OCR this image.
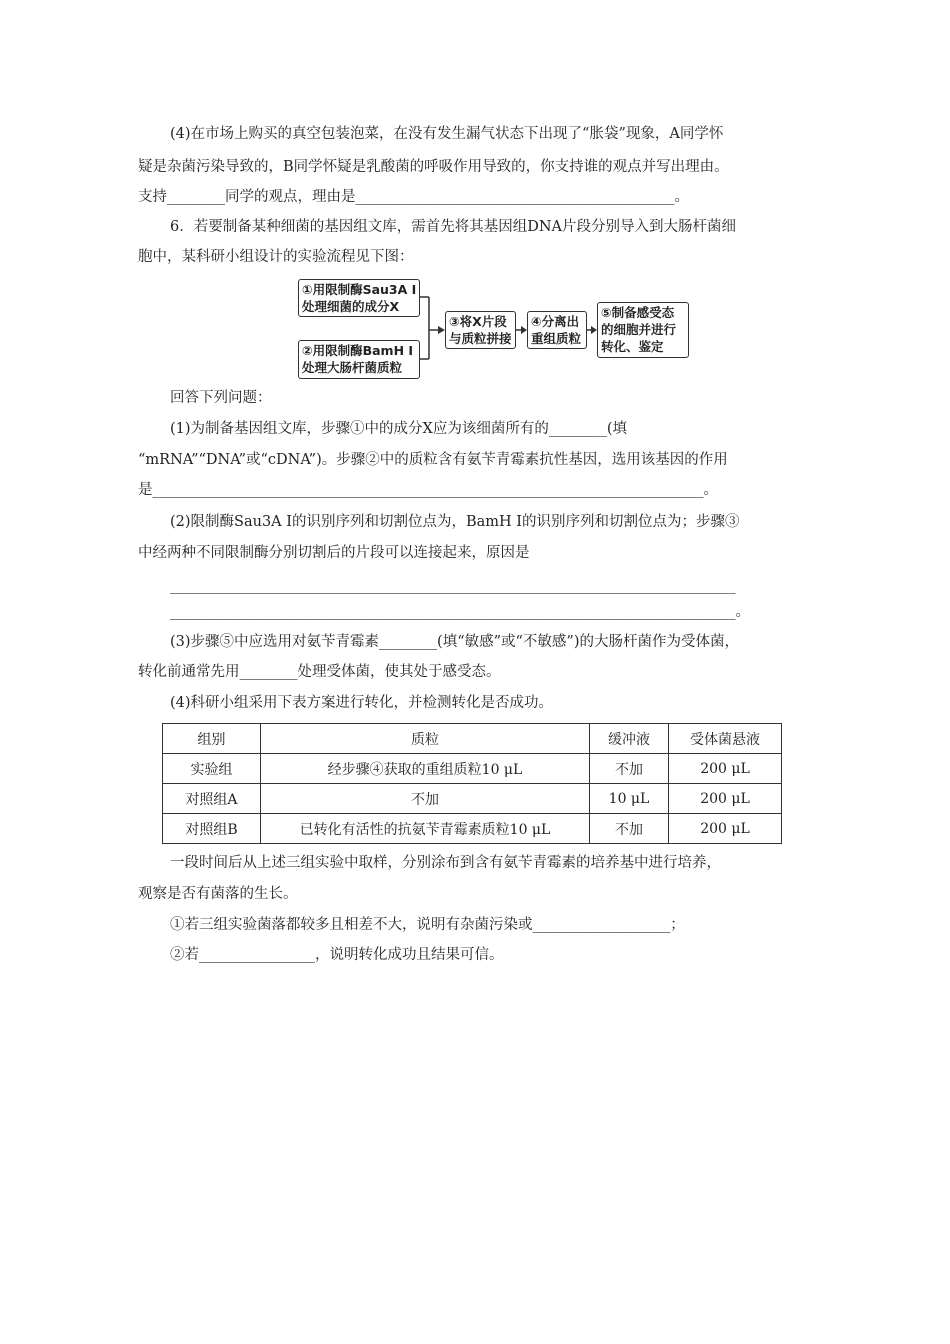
(4)在市场上购买的真空包装泡菜，在没有发生漏气状态下出现了“胀袋”现象，A同学怀
疑是杂菌污染导致的，B同学怀疑是乳酸菌的呼吸作用导致的，你支持谁的观点并写出理由。
支持________同学的观点，理由是____________________________________________。
6．若要制备某种细菌的基因组文库，需首先将其基因组DNA片段分别导入到大肠杆菌细
胞中，某科研小组设计的实验流程见下图：
①用限制酶Sau3A Ⅰ
处理细菌的成分X
②用限制酶BamH Ⅰ
处理大肠杆菌质粒
③将X片段
与质粒拼接
④分离出
重组质粒
⑤制备感受态
的细胞并进行
转化、鉴定
回答下列问题：
(1)为制备基因组文库，步骤①中的成分X应为该细菌所有的________(填
“mRNA”“DNA”或“cDNA”)。步骤②中的质粒含有氨苄青霉素抗性基因，选用该基因的作用
是____________________________________________________________________________。
(2)限制酶Sau3A Ⅰ的识别序列和切割位点为，BamH Ⅰ的识别序列和切割位点为；步骤③
中经两种不同限制酶分别切割后的片段可以连接起来，原因是
______________________________________________________________________________
______________________________________________________________________________。
(3)步骤⑤中应选用对氨苄青霉素________(填“敏感”或“不敏感”)的大肠杆菌作为受体菌，
转化前通常先用________处理受体菌，使其处于感受态。
(4)科研小组采用下表方案进行转化，并检测转化是否成功。
组别	质粒	缓冲液	受体菌悬液
实验组	经步骤④获取的重组质粒10 μL	不加	200 μL
对照组A	不加	10 μL	200 μL
对照组B	已转化有活性的抗氨苄青霉素质粒10 μL	不加	200 μL
一段时间后从上述三组实验中取样，分别涂布到含有氨苄青霉素的培养基中进行培养，
观察是否有菌落的生长。
①若三组实验菌落都较多且相差不大，说明有杂菌污染或___________________；
②若________________，说明转化成功且结果可信。
